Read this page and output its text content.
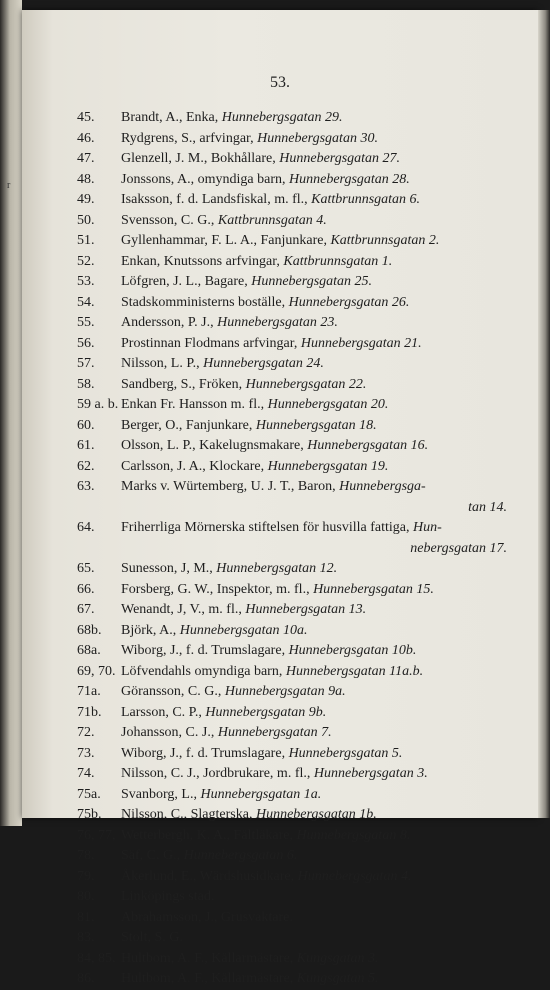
r
53.
45.	Brandt, A., Enka, Hunnebergsgatan 29.
46.	Rydgrens, S., arfvingar, Hunnebergsgatan 30.
47.	Glenzell, J. M., Bokhållare, Hunnebergsgatan 27.
48.	Jonssons, A., omyndiga barn, Hunnebergsgatan 28.
49.	Isaksson, f. d. Landsfiskal, m. fl., Kattbrunnsgatan 6.
50.	Svensson, C. G., Kattbrunnsgatan 4.
51.	Gyllenhammar, F. L. A., Fanjunkare, Kattbrunnsgatan 2.
52.	Enkan, Knutssons arfvingar, Kattbrunnsgatan 1.
53.	Löfgren, J. L., Bagare, Hunnebergsgatan 25.
54.	Stadskomministerns boställe, Hunnebergsgatan 26.
55.	Andersson, P. J., Hunnebergsgatan 23.
56.	Prostinnan Flodmans arfvingar, Hunnebergsgatan 21.
57.	Nilsson, L. P., Hunnebergsgatan 24.
58.	Sandberg, S., Fröken, Hunnebergsgatan 22.
59 a. b. Enkan Fr. Hansson m. fl., Hunnebergsgatan 20.
60.	Berger, O., Fanjunkare, Hunnebergsgatan 18.
61.	Olsson, L. P., Kakelugnsmakare, Hunnebergsgatan 16.
62.	Carlsson, J. A., Klockare, Hunnebergsgatan 19.
63.	Marks v. Würtemberg, U. J. T., Baron, Hunnebergsga-
tan 14.
64.	Friherrliga Mörnerska stiftelsen för husvilla fattiga, Hun-
nebergsgatan 17.
65.	Sunesson, J, M., Hunnebergsgatan 12.
66.	Forsberg, G. W., Inspektor, m. fl., Hunnebergsgatan 15.
67.	Wenandt, J, V., m. fl., Hunnebergsgatan 13.
68b.	Björk, A., Hunnebergsgatan 10a.
68a.	Wiborg, J., f. d. Trumslagare, Hunnebergsgatan 10b.
69, 70. Löfvendahls omyndiga barn, Hunnebergsgatan 11a.b.
71a.	Göransson, C. G., Hunnebergsgatan 9a.
71b.	Larsson, C. P., Hunnebergsgatan 9b.
72.	Johansson, C. J., Hunnebergsgatan 7.
73.	Wiborg, J., f. d. Trumslagare, Hunnebergsgatan 5.
74.	Nilsson, C. J., Jordbrukare, m. fl., Hunnebergsgatan 3.
75a.	Svanborg, L., Hunnebergsgatan 1a.
75b.	Nilsson, C., Slagterska, Hunnebergsgatan 1b.
76, 77, Wetterbergh, K. A., Fältläkare, Hunnebergsgatan 8.
78.	Säf, C. G., Hunnebergsgatan 6.
79.	Åkerlund, E., Wärdshusidkare, Hunnebergsgatan 4.
80.	Linköpings stad.
81.	Abrahamsson, J., Grusvaktare.
83.	Stolt, S. G.
84, 85. Hultbom, A. F., Källarmästare, Kungsgatan 3.
86.	Hultbom, A. F., Källarmästare, Kungsgatan 5.
